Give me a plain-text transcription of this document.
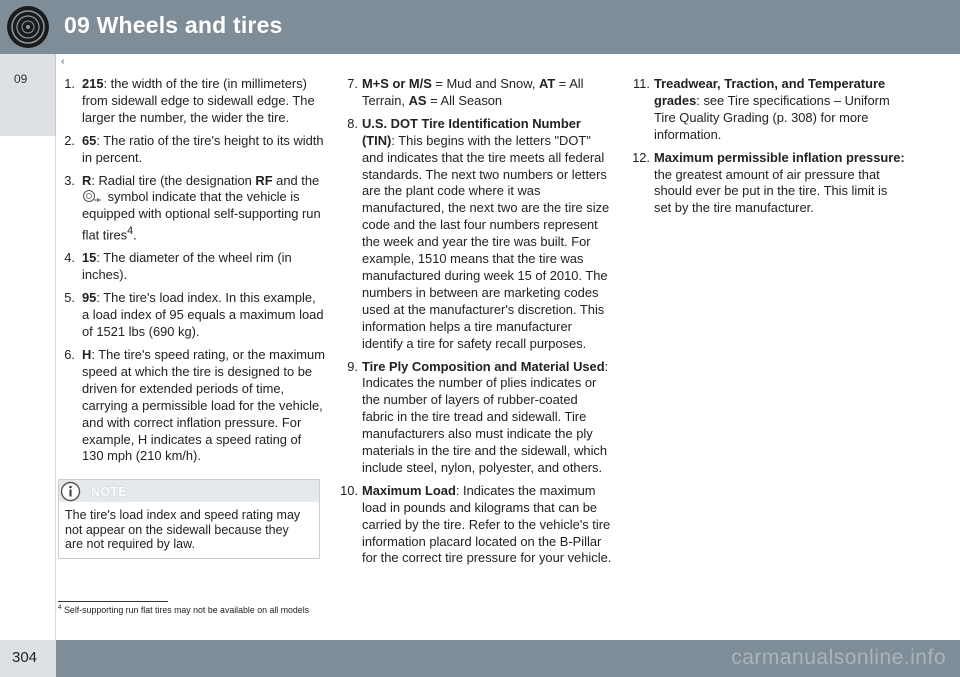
09 Wheels and tires
09
‹‹
1. 215: the width of the tire (in millimeters) from sidewall edge to sidewall edge. The larger the number, the wider the tire.
2. 65: The ratio of the tire's height to its width in percent.
3. R: Radial tire (the designation RF and the
symbol indicate that the vehicle is equipped with optional self-supporting run flat tires$^4$.
4. 15: The diameter of the wheel rim (in inches).
5. 95: The tire's load index. In this example, a load index of 95 equals a maximum load of 1521 lbs (690 kg).
6. H: The tire's speed rating, or the maximum speed at which the tire is designed to be driven for extended periods of time, carrying a permissible load for the vehicle, and with correct inflation pressure. For example, H indicates a speed rating of 130 mph (210 km/h).
NOTE
The tire's load index and speed rating may not appear on the sidewall because they are not required by law.
7. M+S or M/S = Mud and Snow, AT = All Terrain, AS = All Season
8. U.S. DOT Tire Identification Number (TIN): This begins with the letters "DOT" and indicates that the tire meets all federal standards. The next two numbers or letters are the plant code where it was manufactured, the next two are the tire size code and the last four numbers represent the week and year the tire was built. For example, 1510 means that the tire was manufactured during week 15 of 2010. The numbers in between are marketing codes used at the manufacturer's discretion. This information helps a tire manufacturer identify a tire for safety recall purposes.
9. Tire Ply Composition and Material Used: Indicates the number of plies indicates or the number of layers of rubber-coated fabric in the tire tread and sidewall. Tire manufacturers also must indicate the ply materials in the tire and the sidewall, which include steel, nylon, polyester, and others.
10. Maximum Load: Indicates the maximum load in pounds and kilograms that can be carried by the tire. Refer to the vehicle's tire information placard located on the B-Pillar for the correct tire pressure for your vehicle.
11. Treadwear, Traction, and Temperature grades: see Tire specifications – Uniform Tire Quality Grading (p. 308) for more information.
12. Maximum permissible inflation pressure: the greatest amount of air pressure that should ever be put in the tire. This limit is set by the tire manufacturer.
$^4$ Self-supporting run flat tires may not be available on all models
304	carmanualsonline.info
